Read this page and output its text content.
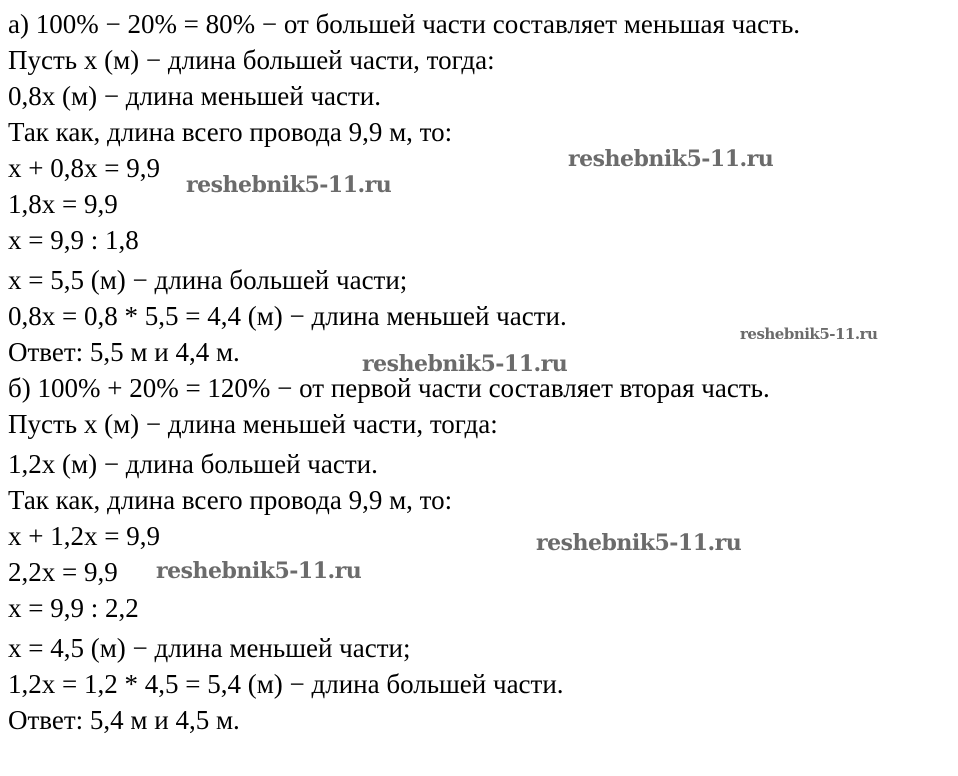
а) 100% − 20% = 80% − от большей части составляет меньшая часть.
Пусть х (м) − длина большей части, тогда:
0,8х (м) − длина меньшей части.
Так как, длина всего провода 9,9 м, то:
х + 0,8х = 9,9
1,8х = 9,9
х = 9,9 : 1,8
х = 5,5 (м) − длина большей части;
0,8х = 0,8 * 5,5 = 4,4 (м) − длина меньшей части.
Ответ: 5,5 м и 4,4 м.
б) 100% + 20% = 120% − от первой части составляет вторая часть.
Пусть х (м) − длина меньшей части, тогда:
1,2х (м) − длина большей части.
Так как, длина всего провода 9,9 м, то:
х + 1,2х = 9,9
2,2х = 9,9
х = 9,9 : 2,2
х = 4,5 (м) − длина меньшей части;
1,2х = 1,2 * 4,5 = 5,4 (м) − длина большей части.
Ответ: 5,4 м и 4,5 м.
reshebnik5-11.ru
reshebnik5-11.ru
reshebnik5-11.ru
reshebnik5-11.ru
reshebnik5-11.ru
reshebnik5-11.ru
